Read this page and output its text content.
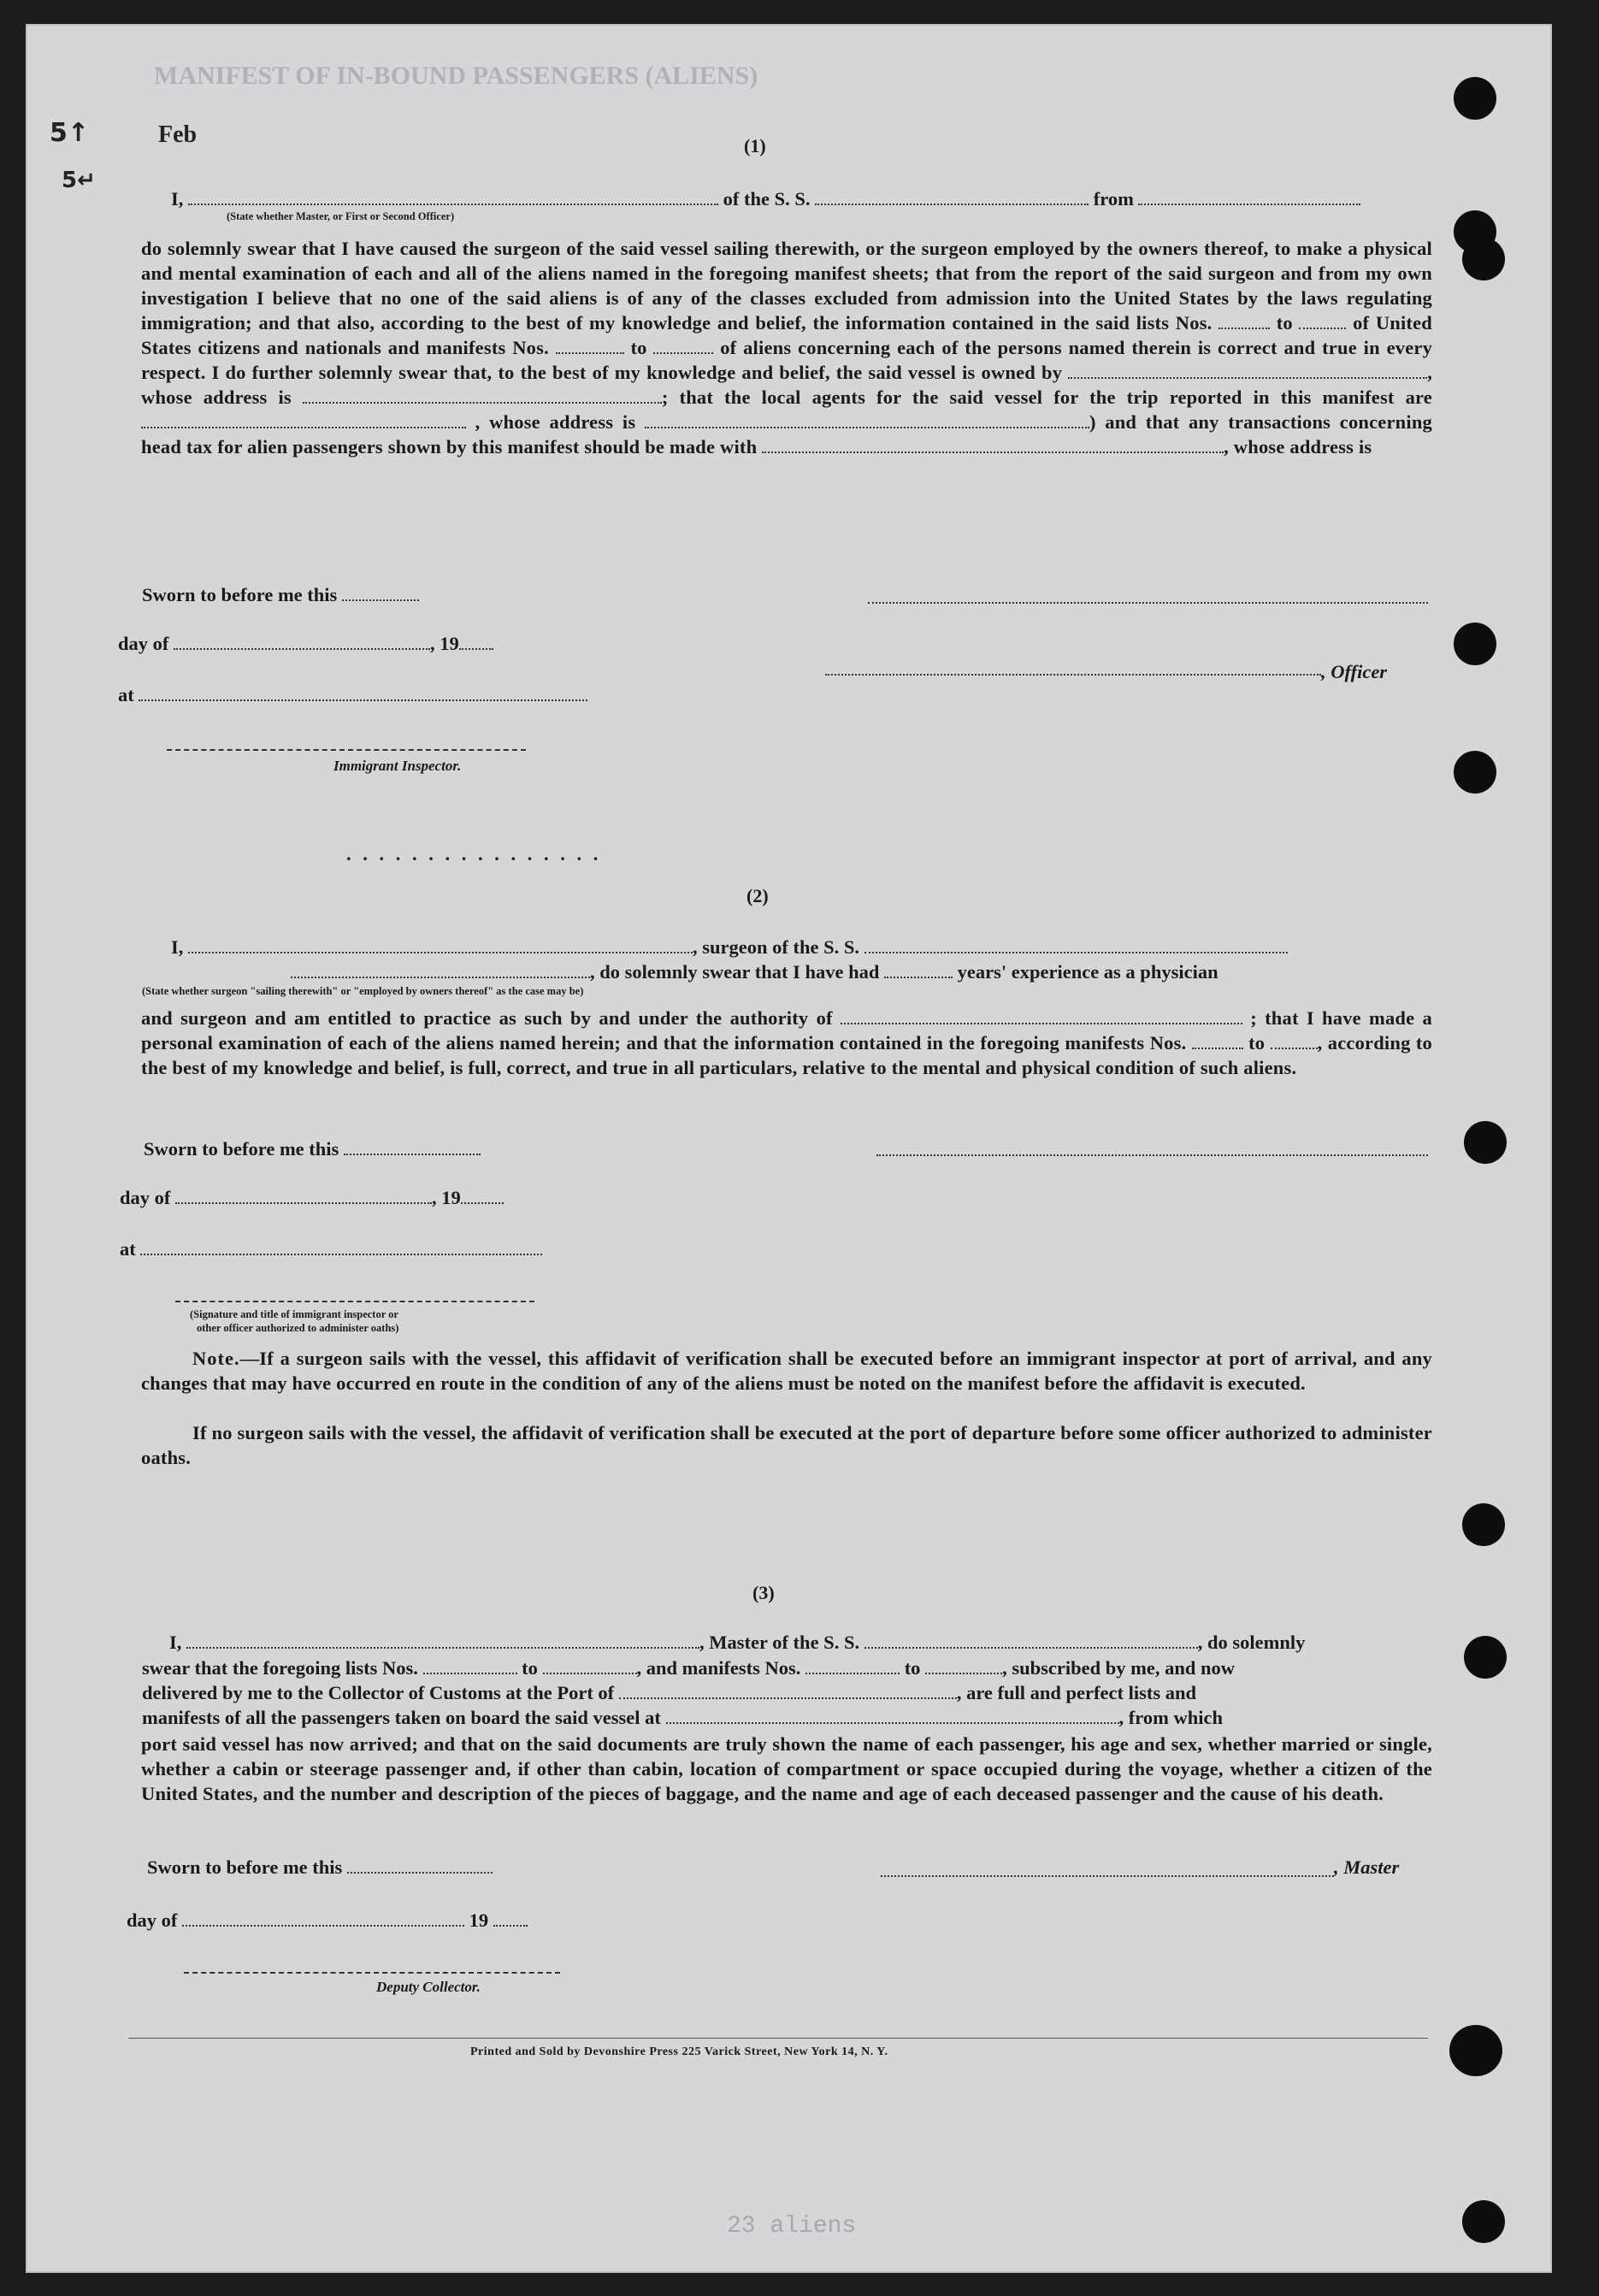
MANIFEST OF IN-BOUND PASSENGERS (ALIENS)
5↑
5↵
Feb	(1)
I,	of the S. S.	from
(State whether Master, or First or Second Officer)
do solemnly swear that I have caused the surgeon of the said vessel sailing therewith, or the surgeon employed by the owners thereof, to make a physical and mental examination of each and all of the aliens named in the foregoing manifest sheets; that from the report of the said surgeon and from my own investigation I believe that no one of the said aliens is of any of the classes excluded from admission into the United States by the laws regulating immigration; and that also, according to the best of my knowledge and belief, the information contained in the said lists Nos.	to	of United States citizens and nationals and manifests Nos.	to	of aliens concerning each of the persons named therein is correct and true in every respect. I do further solemnly swear that, to the best of my knowledge and belief, the said vessel is owned by	, whose address is	; that the local agents for the said vessel for the trip reported in this manifest are  , whose address is	) and that any transactions concerning head tax for alien passengers shown by this manifest should be made with	, whose address is
Sworn to before me this
day of	, 19
, Officer
at
Immigrant Inspector.
. . . . . . . . . . . . . . . .
(2)
I,	, surgeon of the S. S.
, do solemnly swear that I have had	years' experience as a physician
(State whether surgeon "sailing therewith" or "employed by owners thereof" as the case may be)
and surgeon and am entitled to practice as such by and under the authority of	; that I have made a personal examination of each of the aliens named herein; and that the information contained in the foregoing manifests Nos.	to	, according to the best of my knowledge and belief, is full, correct, and true in all particulars, relative to the mental and physical condition of such aliens.
Sworn to before me this
day of	, 19
at
(Signature and title of immigrant inspector or
other officer authorized to administer oaths)
Note.—If a surgeon sails with the vessel, this affidavit of verification shall be executed before an immigrant inspector at port of arrival, and any changes that may have occurred en route in the condition of any of the aliens must be noted on the manifest before the affidavit is executed.
If no surgeon sails with the vessel, the affidavit of verification shall be executed at the port of departure before some officer authorized to administer oaths.
(3)
I,	, Master of the S. S.	, do solemnly
swear that the foregoing lists Nos.	to	, and manifests Nos.	to	, subscribed by me, and now
delivered by me to the Collector of Customs at the Port of	, are full and perfect lists and
manifests of all the passengers taken on board the said vessel at	, from which
port said vessel has now arrived; and that on the said documents are truly shown the name of each passenger, his age and sex, whether married or single, whether a cabin or steerage passenger and, if other than cabin, location of compartment or space occupied during the voyage, whether a citizen of the United States, and the number and description of the pieces of baggage, and the name and age of each deceased passenger and the cause of his death.
Sworn to before me this	, Master
day of	19
Deputy Collector.
Printed and Sold by Devonshire Press 225 Varick Street, New York 14, N. Y.
23 aliens
